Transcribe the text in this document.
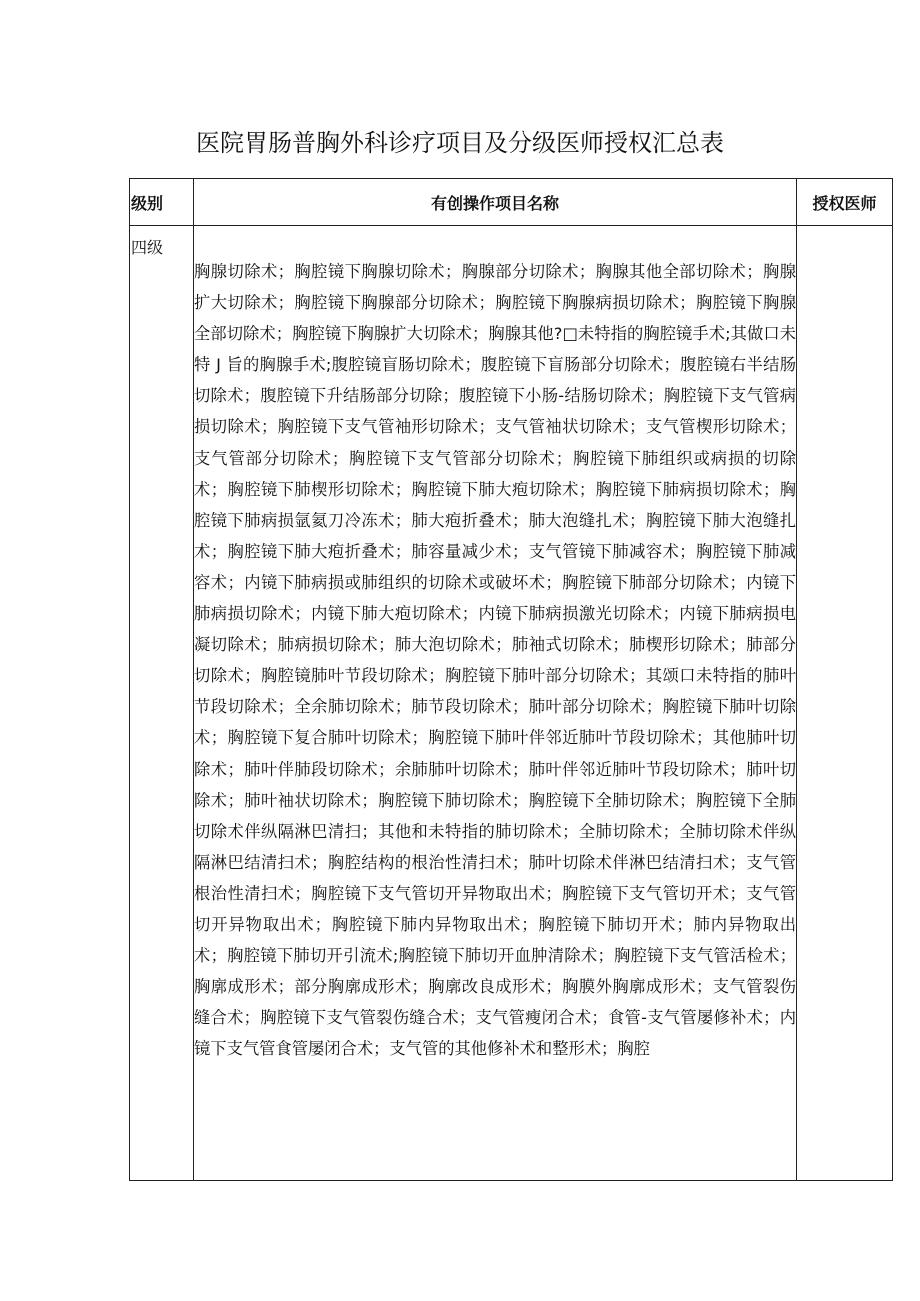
医院胃肠普胸外科诊疗项目及分级医师授权汇总表
级别	有创操作项目名称	授权医师
四级	胸腺切除术；胸腔镜下胸腺切除术；胸腺部分切除术；胸腺其他全部切除术；胸腺扩大切除术；胸腔镜下胸腺部分切除术；胸腔镜下胸腺病损切除术；胸腔镜下胸腺全部切除术；胸腔镜下胸腺扩大切除术；胸腺其他?□未特指的胸腔镜手术;其做口未特 J 旨的胸腺手术;腹腔镜盲肠切除术；腹腔镜下盲肠部分切除术；腹腔镜右半结肠切除术；腹腔镜下升结肠部分切除；腹腔镜下小肠-结肠切除术；胸腔镜下支气管病损切除术；胸腔镜下支气管袖形切除术；支气管袖状切除术；支气管楔形切除术；支气管部分切除术；胸腔镜下支气管部分切除术；胸腔镜下肺组织或病损的切除术；胸腔镜下肺楔形切除术；胸腔镜下肺大疱切除术；胸腔镜下肺病损切除术；胸腔镜下肺病损氩氦刀冷冻术；肺大疱折叠术；肺大泡缝扎术；胸腔镜下肺大泡缝扎术；胸腔镜下肺大疱折叠术；肺容量减少术；支气管镜下肺减容术；胸腔镜下肺减容术；内镜下肺病损或肺组织的切除术或破坏术；胸腔镜下肺部分切除术；内镜下肺病损切除术；内镜下肺大疱切除术；内镜下肺病损激光切除术；内镜下肺病损电凝切除术；肺病损切除术；肺大泡切除术；肺袖式切除术；肺楔形切除术；肺部分切除术；胸腔镜肺叶节段切除术；胸腔镜下肺叶部分切除术；其颂口未特指的肺叶节段切除术；全余肺切除术；肺节段切除术；肺叶部分切除术；胸腔镜下肺叶切除术；胸腔镜下复合肺叶切除术；胸腔镜下肺叶伴邻近肺叶节段切除术；其他肺叶切除术；肺叶伴肺段切除术；余肺肺叶切除术；肺叶伴邻近肺叶节段切除术；肺叶切除术；肺叶袖状切除术；胸腔镜下肺切除术；胸腔镜下全肺切除术；胸腔镜下全肺切除术伴纵隔淋巴清扫；其他和未特指的肺切除术；全肺切除术；全肺切除术伴纵隔淋巴结清扫术；胸腔结构的根治性清扫术；肺叶切除术伴淋巴结清扫术；支气管根治性清扫术；胸腔镜下支气管切开异物取出术；胸腔镜下支气管切开术；支气管切开异物取出术；胸腔镜下肺内异物取出术；胸腔镜下肺切开术；肺内异物取出术；胸腔镜下肺切开引流术;胸腔镜下肺切开血肿清除术；胸腔镜下支气管活检术；胸廓成形术；部分胸廓成形术；胸廓改良成形术；胸膜外胸廓成形术；支气管裂伤缝合术；胸腔镜下支气管裂伤缝合术；支气管瘦闭合术；食管-支气管屡修补术；内镜下支气管食管屡闭合术；支气管的其他修补术和整形术；胸腔	
